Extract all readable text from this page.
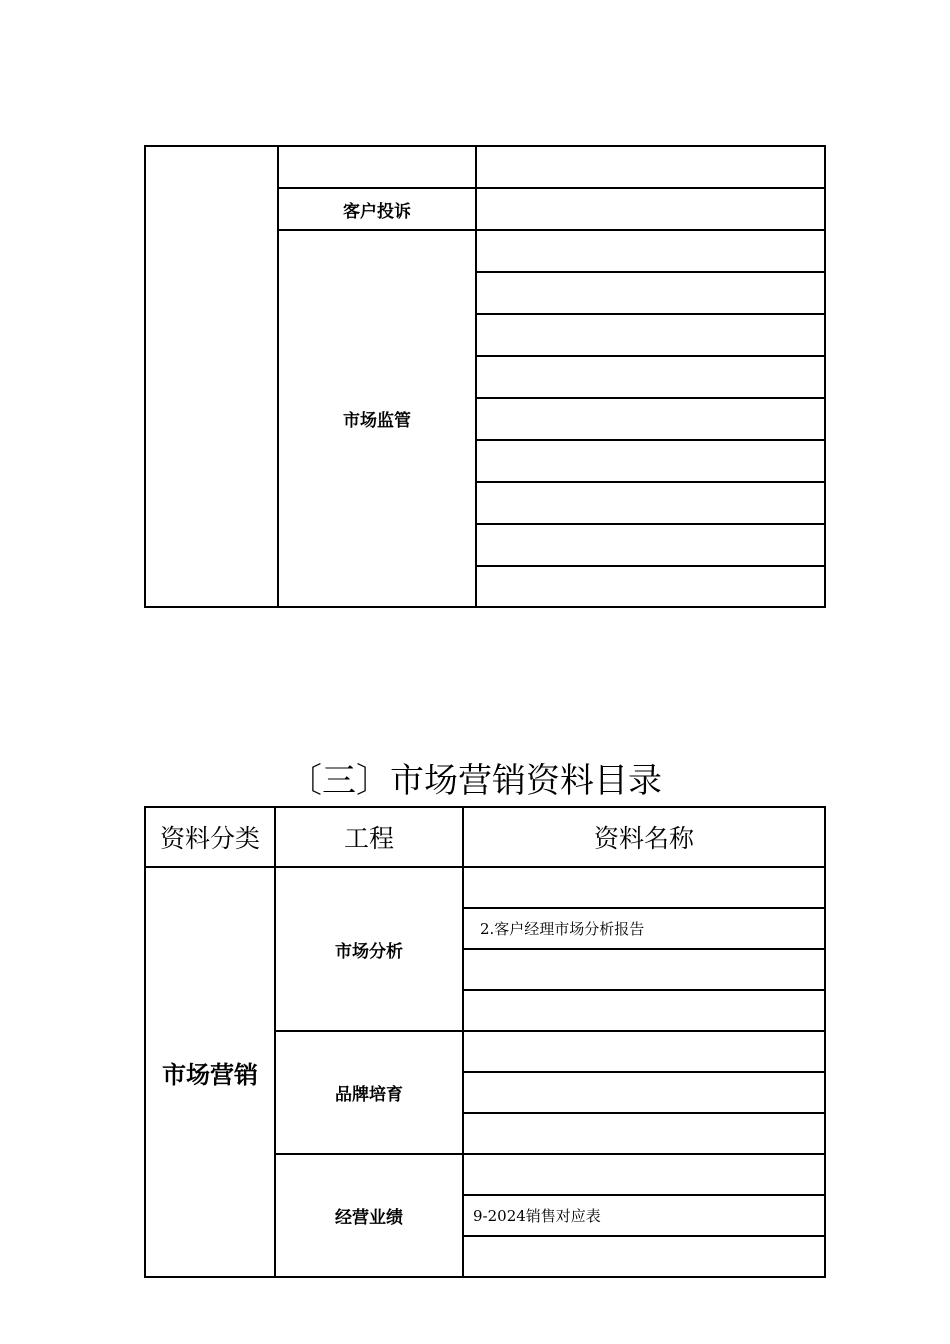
	客户投诉	
	市场监管	

〔三〕市场营销资料目录
资料分类	工程	资料名称
市场营销	市场分析	
		2.客户经理市场分析报告

	品牌培育	

	经营业绩	
		9-2024销售对应表
